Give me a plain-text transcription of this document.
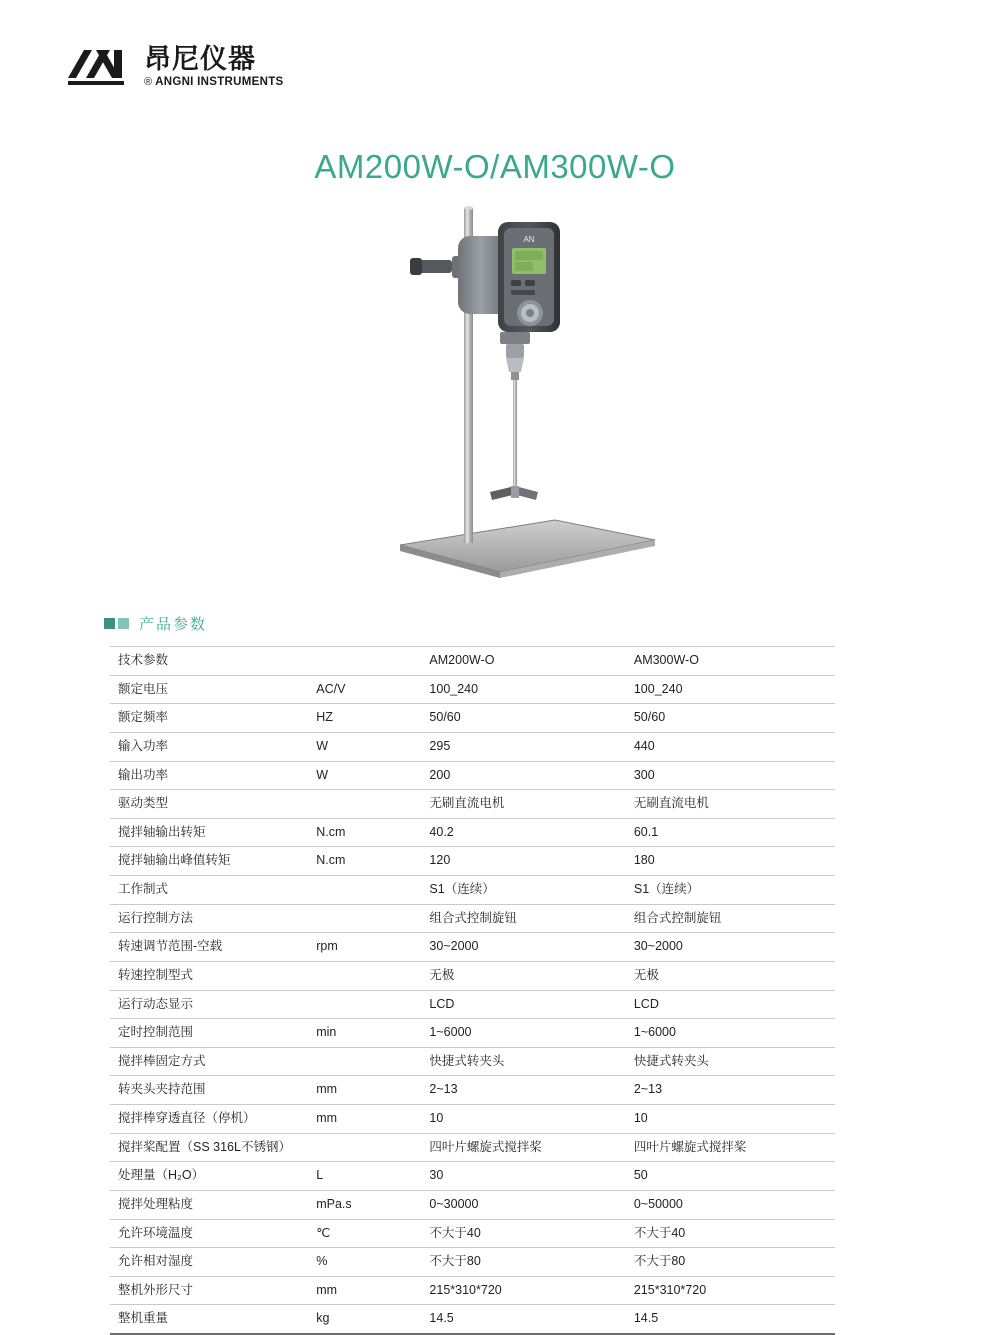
昂尼仪器
® ANGNI INSTRUMENTS
AM200W-O/AM300W-O
AN
产品参数
技术参数		AM200W-O	AM300W-O
额定电压	AC/V	100_240	100_240
额定频率	HZ	50/60	50/60
输入功率	W	295	440
输出功率	W	200	300
驱动类型		无刷直流电机	无刷直流电机
搅拌轴输出转矩	N.cm	40.2	60.1
搅拌轴输出峰值转矩	N.cm	120	180
工作制式		S1（连续）	S1（连续）
运行控制方法		组合式控制旋钮	组合式控制旋钮
转速调节范围-空载	rpm	30~2000	30~2000
转速控制型式		无极	无极
运行动态显示		LCD	LCD
定时控制范围	min	1~6000	1~6000
搅拌棒固定方式		快捷式转夹头	快捷式转夹头
转夹头夹持范围	mm	2~13	2~13
搅拌棒穿透直径（停机）	mm	10	10
搅拌桨配置（SS 316L不锈钢）		四叶片螺旋式搅拌桨	四叶片螺旋式搅拌桨
处理量（H₂O）	L	30	50
搅拌处理粘度	mPa.s	0~30000	0~50000
允许环境温度	℃	不大于40	不大于40
允许相对湿度	%	不大于80	不大于80
整机外形尺寸	mm	215*310*720	215*310*720
整机重量	kg	14.5	14.5
